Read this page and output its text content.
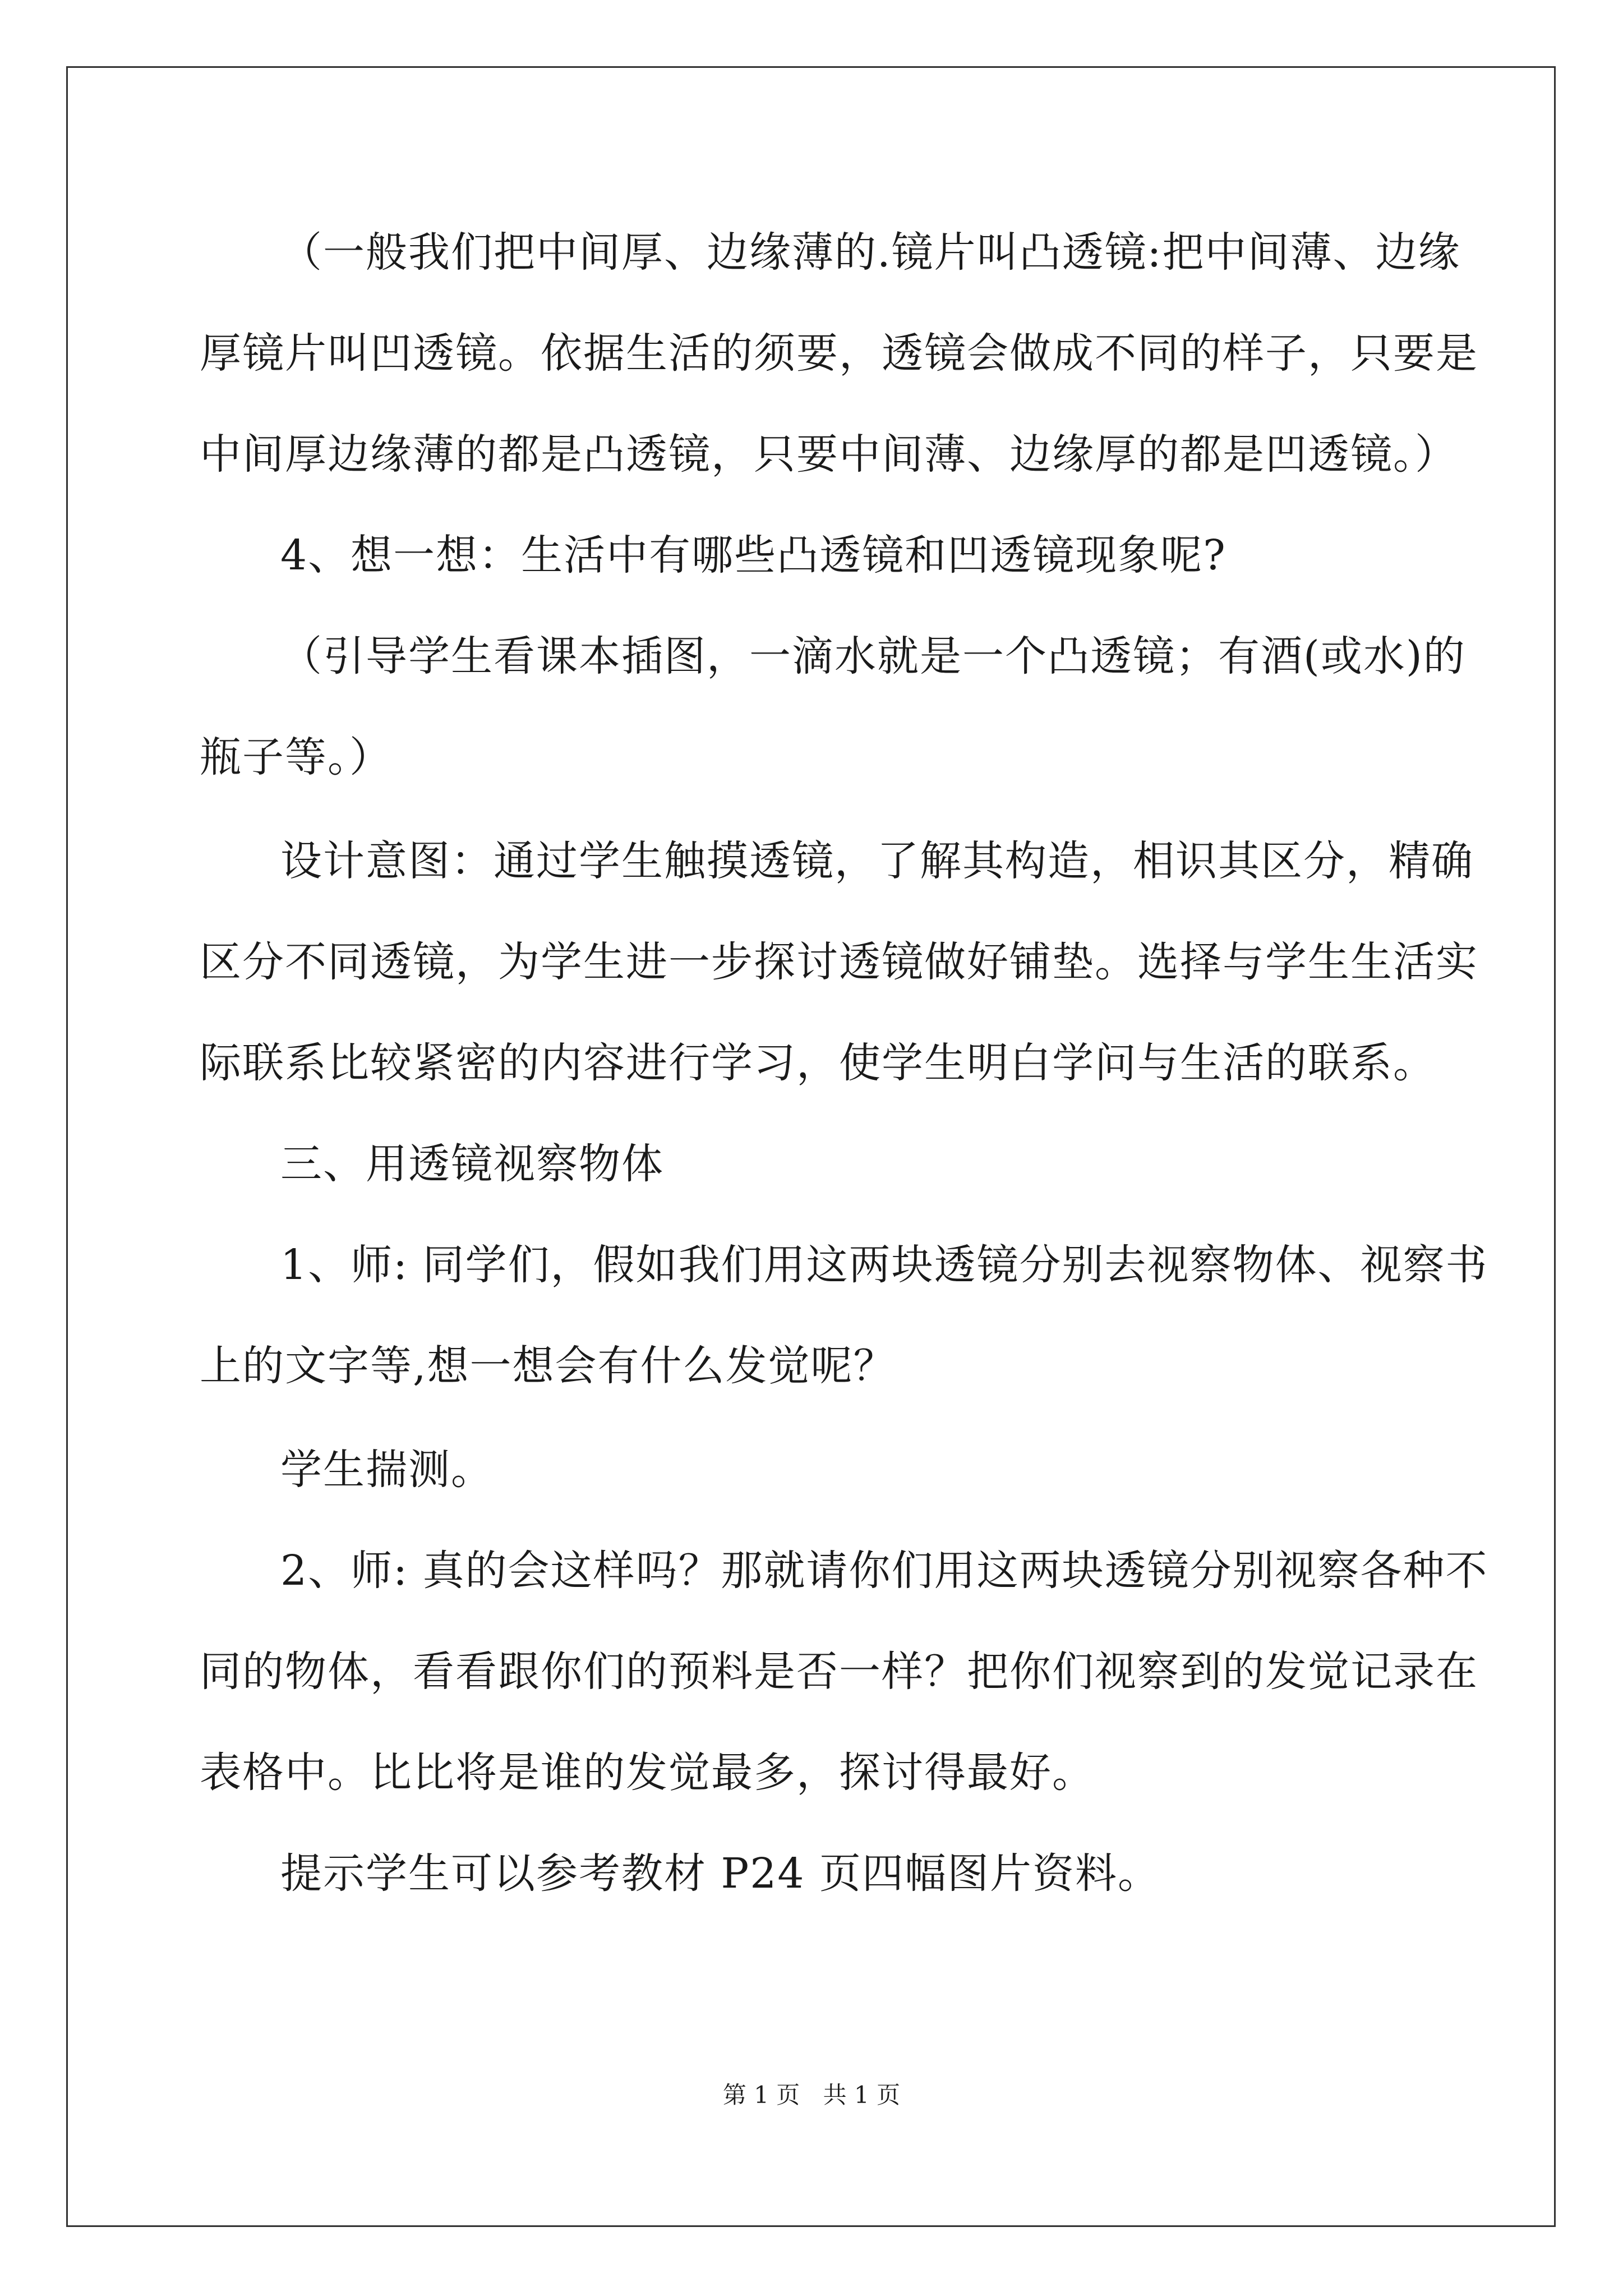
（一般我们把中间厚、边缘薄的.镜片叫凸透镜:把中间薄、边缘
厚镜片叫凹透镜。依据生活的须要，透镜会做成不同的样子，只要是
中间厚边缘薄的都是凸透镜，只要中间薄、边缘厚的都是凹透镜。）
4、想一想：生活中有哪些凸透镜和凹透镜现象呢?
（引导学生看课本插图，一滴水就是一个凸透镜；有酒(或水)的
瓶子等。）
设计意图：通过学生触摸透镜，了解其构造，相识其区分，精确
区分不同透镜，为学生进一步探讨透镜做好铺垫。选择与学生生活实
际联系比较紧密的内容进行学习，使学生明白学问与生活的联系。
三、用透镜视察物体
1、师: 同学们，假如我们用这两块透镜分别去视察物体、视察书
上的文字等,想一想会有什么发觉呢？
学生揣测。
2、师: 真的会这样吗？那就请你们用这两块透镜分别视察各种不
同的物体，看看跟你们的预料是否一样？把你们视察到的发觉记录在
表格中。比比将是谁的发觉最多，探讨得最好。
提示学生可以参考教材 P24 页四幅图片资料。
第 1 页 共 1 页
